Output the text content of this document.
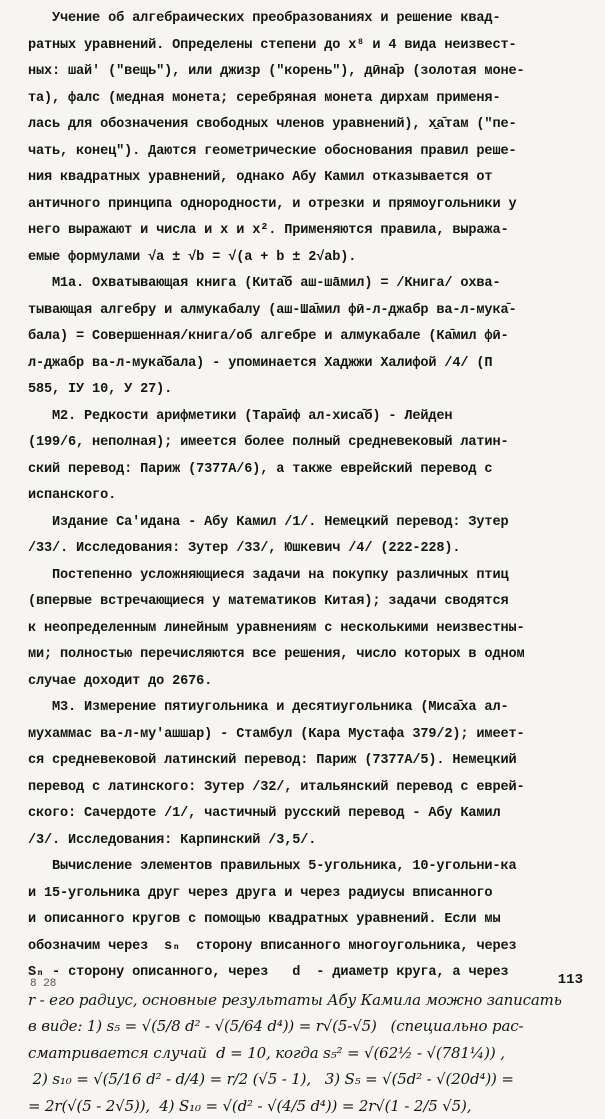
Учение об алгебраических преобразованиях и решение квад-
ратных уравнений. Определены степени до x⁸ и 4 вида неизвест-
ных: шай' ("вещь"), или джиз̣р ("корень"), дӣна̄р (золотая моне-
та), фалс (медная монета; серебряная монета дирхам применя-
лась для обозначения свободных членов уравнений), х̱а̄там ("пе-
чать, конец"). Даются геометрические обоснования правил реше-
ния квадратных уравнений, однако Абу Камил отказывается от
античного принципа однородности, и отрезки и прямоугольники у
него выражают и числа и x и x². Применяются правила, выража-
емые формулами √a ± √b = √(a + b ± 2√ab).
M1a. Охватывающая книга (Кита̄б аш-шāмил) = /Книга/ охва-
тывающая алгебру и алмукабалу (аш-Ша̄мил фӣ-л-джабр ва-л-мука̄-
бала) = Совершенная/книга/об алгебре и алмукабале (Ка̄мил фӣ-
л-джабр ва-л-мука̄бала) - упоминается Хаджжи Халифой /4/ (П
585, IУ 10, У 27).
M2. Редкости арифметики (Тара̄иф ал-хиса̄б) - Лейден
(199/6, неполная); имеется более полный средневековый латин-
ский перевод: Париж (7377A/6), а также еврейский перевод с
испанского.
Издание Са'идана - Абу Камил /1/. Немецкий перевод: Зутер
/33/. Исследования: Зутер /33/, Юшкевич /4/ (222-228).
Постепенно усложняющиеся задачи на покупку различных птиц
(впервые встречающиеся у математиков Китая); задачи сводятся
к неопределенным линейным уравнениям с несколькими неизвестны-
ми; полностью перечисляются все решения, число которых в одном
случае доходит до 2676.
M3. Измерение пятиугольника и десятиугольника (Миса̄ха ал-
мухаммас ва-л-му'ашшар) - Стамбул (Кара Мустафа 379/2); имеет-
ся средневековой латинский перевод: Париж (7377A/5). Немецкий
перевод с латинского: Зутер /32/, итальянский перевод с еврей-
ского: Сачердоте /1/, частичный русский перевод - Абу Камил
/3/. Исследования: Карпинский /3,5/.
Вычисление элементов правильных 5-угольника, 10-угольни-ка
и 15-угольника друг через друга и через радиусы вписанного
и описанного кругов с помощью квадратных уравнений. Если мы
обозначим через  sₙ  сторону вписанного многоугольника, через
Sₙ - сторону описанного, через   d  - диаметр круга, а через
r - его радиус, основные результаты Абу Камила можно записать
в виде: 1) s₅ = √(5/8 d² - √(5/64 d⁴)) = r√(5-√5)   (специально рас-
сматривается случай  d = 10, когда s₅² = √(62½ - √(781¼)) ,
2) s₁₀ = √(5/16 d² - d/4) = r/2 (√5 - 1),   3) S₅ = √(5d² - √(20d⁴)) =
= 2r(√(5 - 2√5)),  4) S₁₀ = √(d² - √(4/5 d⁴)) = 2r√(1 - 2/5 √5),
8 28	113
